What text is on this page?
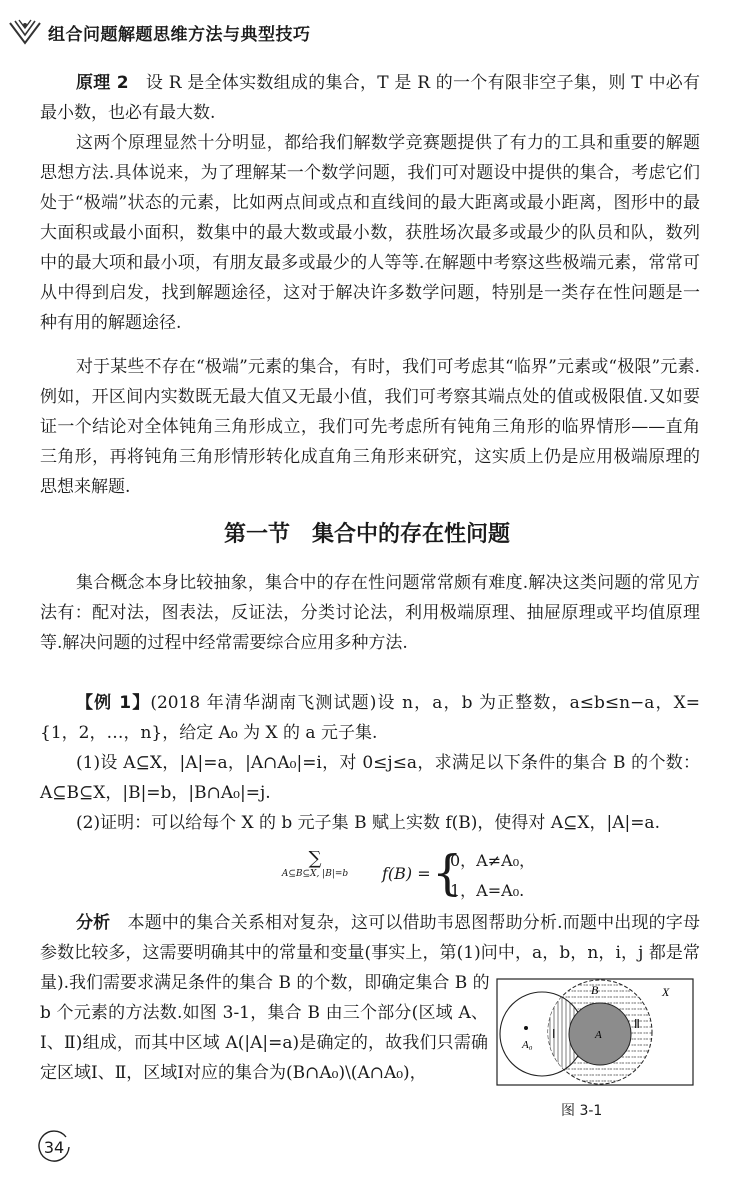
组合问题解题思维方法与典型技巧

原理 2  设 R 是全体实数组成的集合，T 是 R 的一个有限非空子集，则 T 中必有最小数，也必有最大数.

这两个原理显然十分明显，都给我们解数学竞赛题提供了有力的工具和重要的解题思想方法.具体说来，为了理解某一个数学问题，我们可对题设中提供的集合，考虑它们处于“极端”状态的元素，比如两点间或点和直线间的最大距离或最小距离，图形中的最大面积或最小面积，数集中的最大数或最小数，获胜场次最多或最少的队员和队，数列中的最大项和最小项，有朋友最多或最少的人等等.在解题中考察这些极端元素，常常可从中得到启发，找到解题途径，这对于解决许多数学问题，特别是一类存在性问题是一种有用的解题途径.

对于某些不存在“极端”元素的集合，有时，我们可考虑其“临界”元素或“极限”元素.例如，开区间内实数既无最大值又无最小值，我们可考察其端点处的值或极限值.又如要证一个结论对全体钝角三角形成立，我们可先考虑所有钝角三角形的临界情形——直角三角形，再将钝角三角形情形转化成直角三角形来研究，这实质上仍是应用极端原理的思想来解题.

第一节　集合中的存在性问题

集合概念本身比较抽象，集合中的存在性问题常常颇有难度.解决这类问题的常见方法有：配对法，图表法，反证法，分类讨论法，利用极端原理、抽屉原理或平均值原理等.解决问题的过程中经常需要综合应用多种方法.

【例 1】(2018 年清华湖南飞测试题)设 n，a，b 为正整数，a≤b≤n−a，X={1，2，…，n}，给定 A₀ 为 X 的 a 元子集.

(1)设 A⊆X，|A|=a，|A∩A₀|=i，对 0≤j≤a，求满足以下条件的集合 B 的个数：A⊆B⊆X，|B|=b，|B∩A₀|=j.

(2)证明：可以给每个 X 的 b 元子集 B 赋上实数 f(B)，使得对 A⊆X，|A|=a.

∑
A⊆B⊆X, |B|=b	f(B) = {
0，A≠A₀，
1，A=A₀.

分析  本题中的集合关系相对复杂，这可以借助韦恩图帮助分析.而题中出现的字母参数比较多，这需要明确其中的常量和变量(事实上，第(1)问中，a，b，n，i，j 都是常量).我们需要求满足条件的集合 B 的个数，即确定集合 B 的

b 个元素的方法数.如图 3-1，集合 B 由三个部分(区域 A、Ⅰ、Ⅱ)组成，而其中区域 A(|A|=a)是确定的，故我们只需确定区域Ⅰ、Ⅱ，区域Ⅰ对应的集合为(B∩A₀)\(A∩A₀)，

B	X
A
A₀
Ⅰ
Ⅱ
图 3-1
34
